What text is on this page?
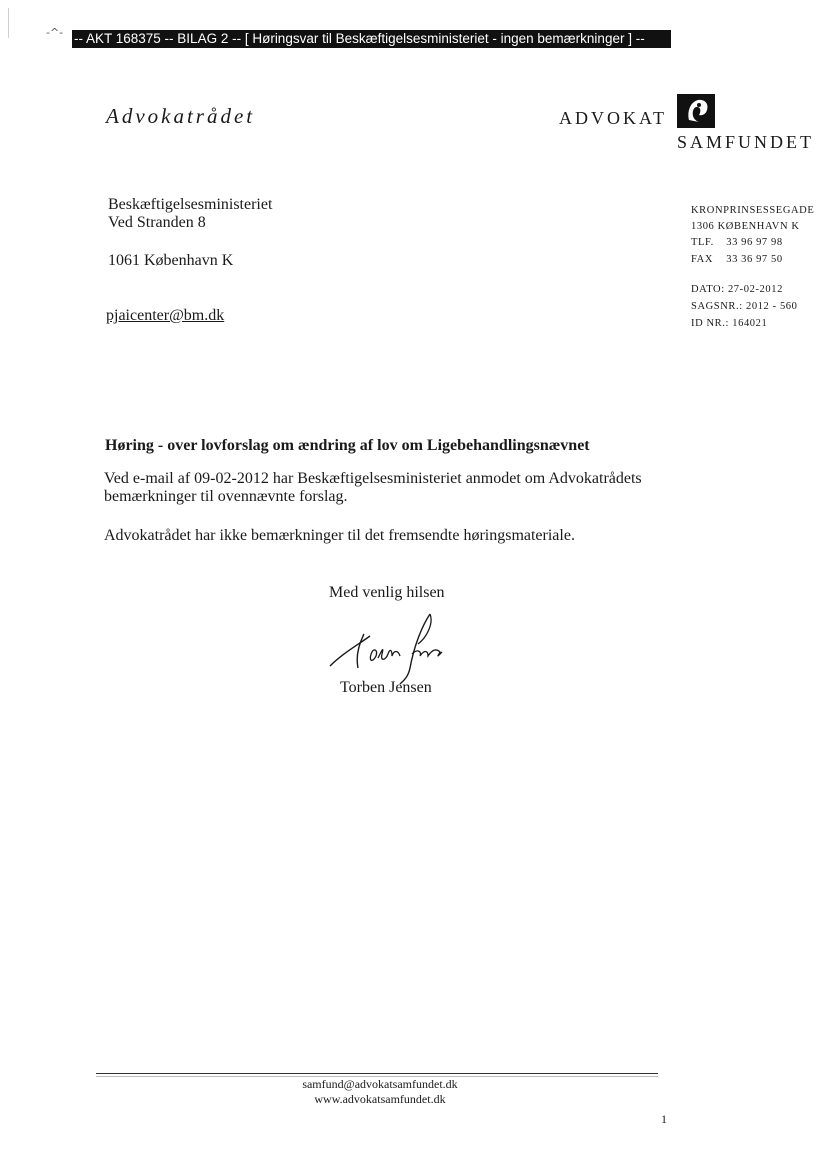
-^- -- AKT 168375 -- BILAG 2 -- [ Høringsvar til Beskæftigelsesministeriet - ingen bemærkninger ] --
Advokatrådet	ADVOKAT
SAMFUNDET
Beskæftigelsesministeriet
Ved Stranden 8
1061 København K
pjaicenter@bm.dk
KRONPRINSESSEGADE
1306 KØBENHAVN K
TLF. 33 96 97 98
FAX 33 36 97 50
DATO: 27-02-2012
SAGSNR.: 2012 - 560
ID NR.: 164021
Høring - over lovforslag om ændring af lov om Ligebehandlingsnævnet
Ved e-mail af 09-02-2012 har Beskæftigelsesministeriet anmodet om Advokatrådets bemærkninger til ovennævnte forslag.
Advokatrådet har ikke bemærkninger til det fremsendte høringsmateriale.
Med venlig hilsen
Torben Jensen
samfund@advokatsamfundet.dk
www.advokatsamfundet.dk
1
